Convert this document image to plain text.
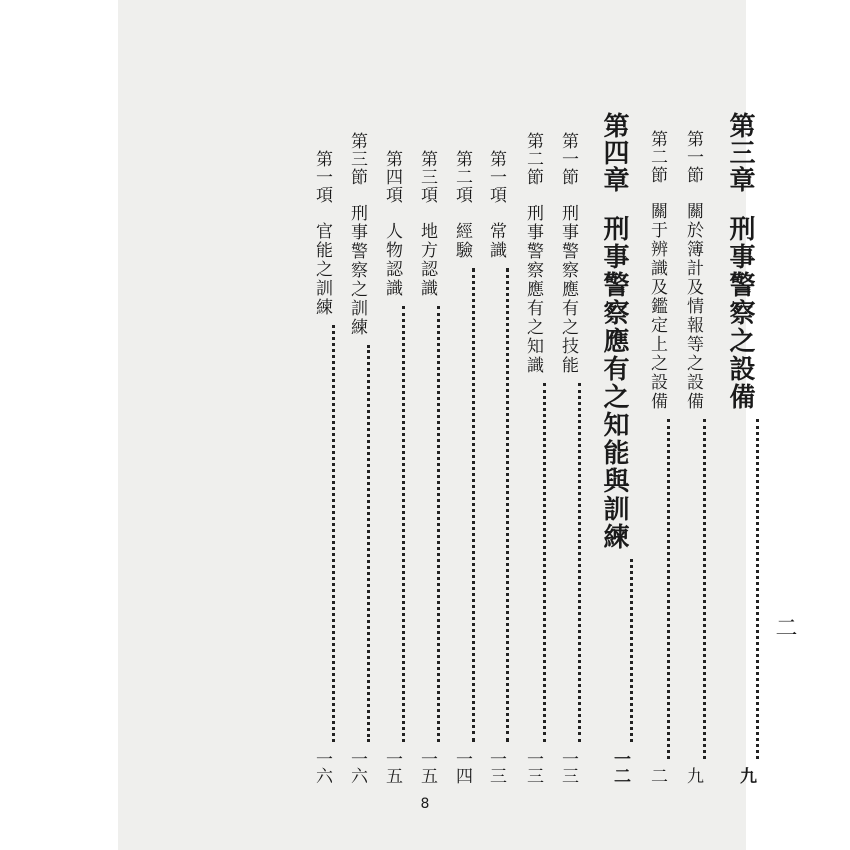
第三章
刑事警察之設備
九
第一節
關於簿計及情報等之設備
九
第二節
關于辨識及鑑定上之設備
二
第四章
刑事警察應有之知能與訓練
一二
第一節
刑事警察應有之技能
一三
第二節
刑事警察應有之知識
一三
第一項
常識
一三
第二項
經驗
一四
第三項
地方認識
一五
第四項
人物認識
一五
第三節
刑事警察之訓練
一六
第一項
官能之訓練
一六
二
8
